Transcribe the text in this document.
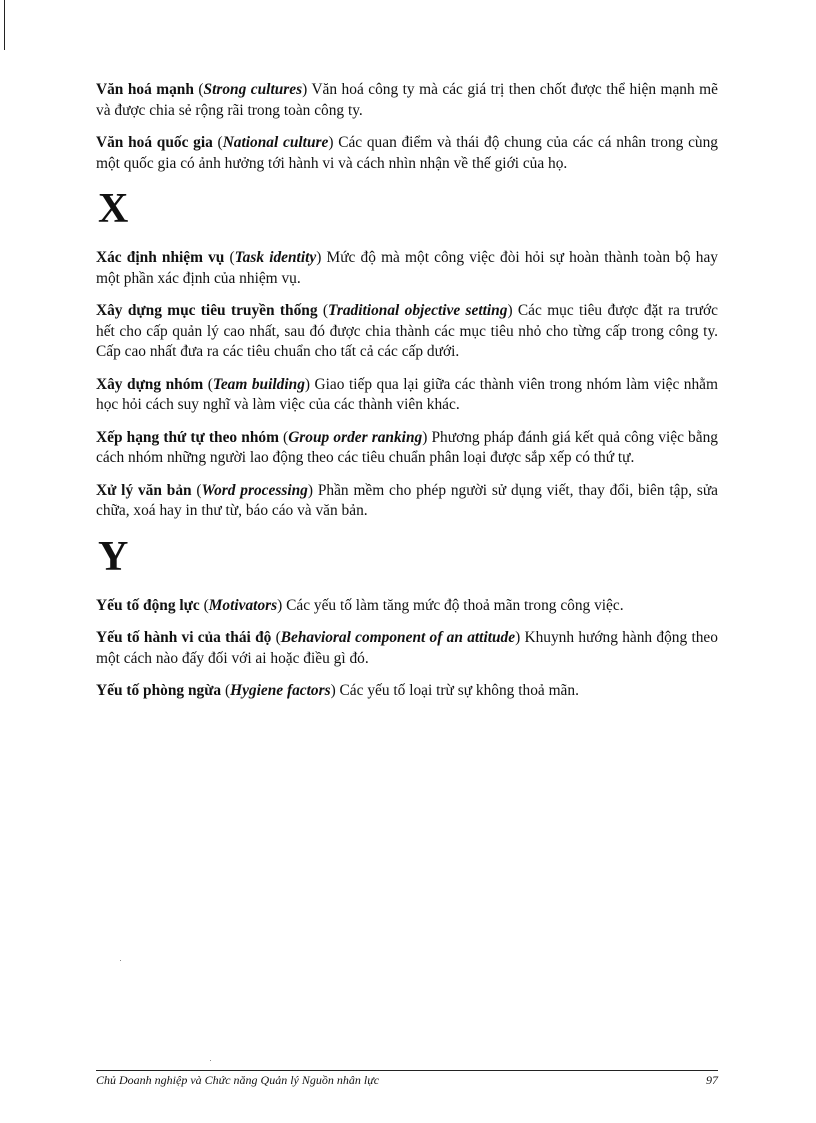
Văn hoá mạnh (Strong cultures) Văn hoá công ty mà các giá trị then chốt được thể hiện mạnh mẽ và được chia sẻ rộng rãi trong toàn công ty.

Văn hoá quốc gia (National culture) Các quan điểm và thái độ chung của các cá nhân trong cùng một quốc gia có ảnh hưởng tới hành vi và cách nhìn nhận về thế giới của họ.

X

Xác định nhiệm vụ (Task identity) Mức độ mà một công việc đòi hỏi sự hoàn thành toàn bộ hay một phần xác định của nhiệm vụ.

Xây dựng mục tiêu truyền thống (Traditional objective setting) Các mục tiêu được đặt ra trước hết cho cấp quản lý cao nhất, sau đó được chia thành các mục tiêu nhỏ cho từng cấp trong công ty. Cấp cao nhất đưa ra các tiêu chuẩn cho tất cả các cấp dưới.

Xây dựng nhóm (Team building) Giao tiếp qua lại giữa các thành viên trong nhóm làm việc nhằm học hỏi cách suy nghĩ và làm việc của các thành viên khác.

Xếp hạng thứ tự theo nhóm (Group order ranking) Phương pháp đánh giá kết quả công việc bằng cách nhóm những người lao động theo các tiêu chuẩn phân loại được sắp xếp có thứ tự.

Xử lý văn bản (Word processing) Phần mềm cho phép người sử dụng viết, thay đổi, biên tập, sửa chữa, xoá hay in thư từ, báo cáo và văn bản.

Y

Yếu tố động lực (Motivators) Các yếu tố làm tăng mức độ thoả mãn trong công việc.

Yếu tố hành vi của thái độ (Behavioral component of an attitude) Khuynh hướng hành động theo một cách nào đấy đối với ai hoặc điều gì đó.

Yếu tố phòng ngừa (Hygiene factors) Các yếu tố loại trừ sự không thoả mãn.

Chủ Doanh nghiệp và Chức năng Quản lý Nguồn nhân lực	97
